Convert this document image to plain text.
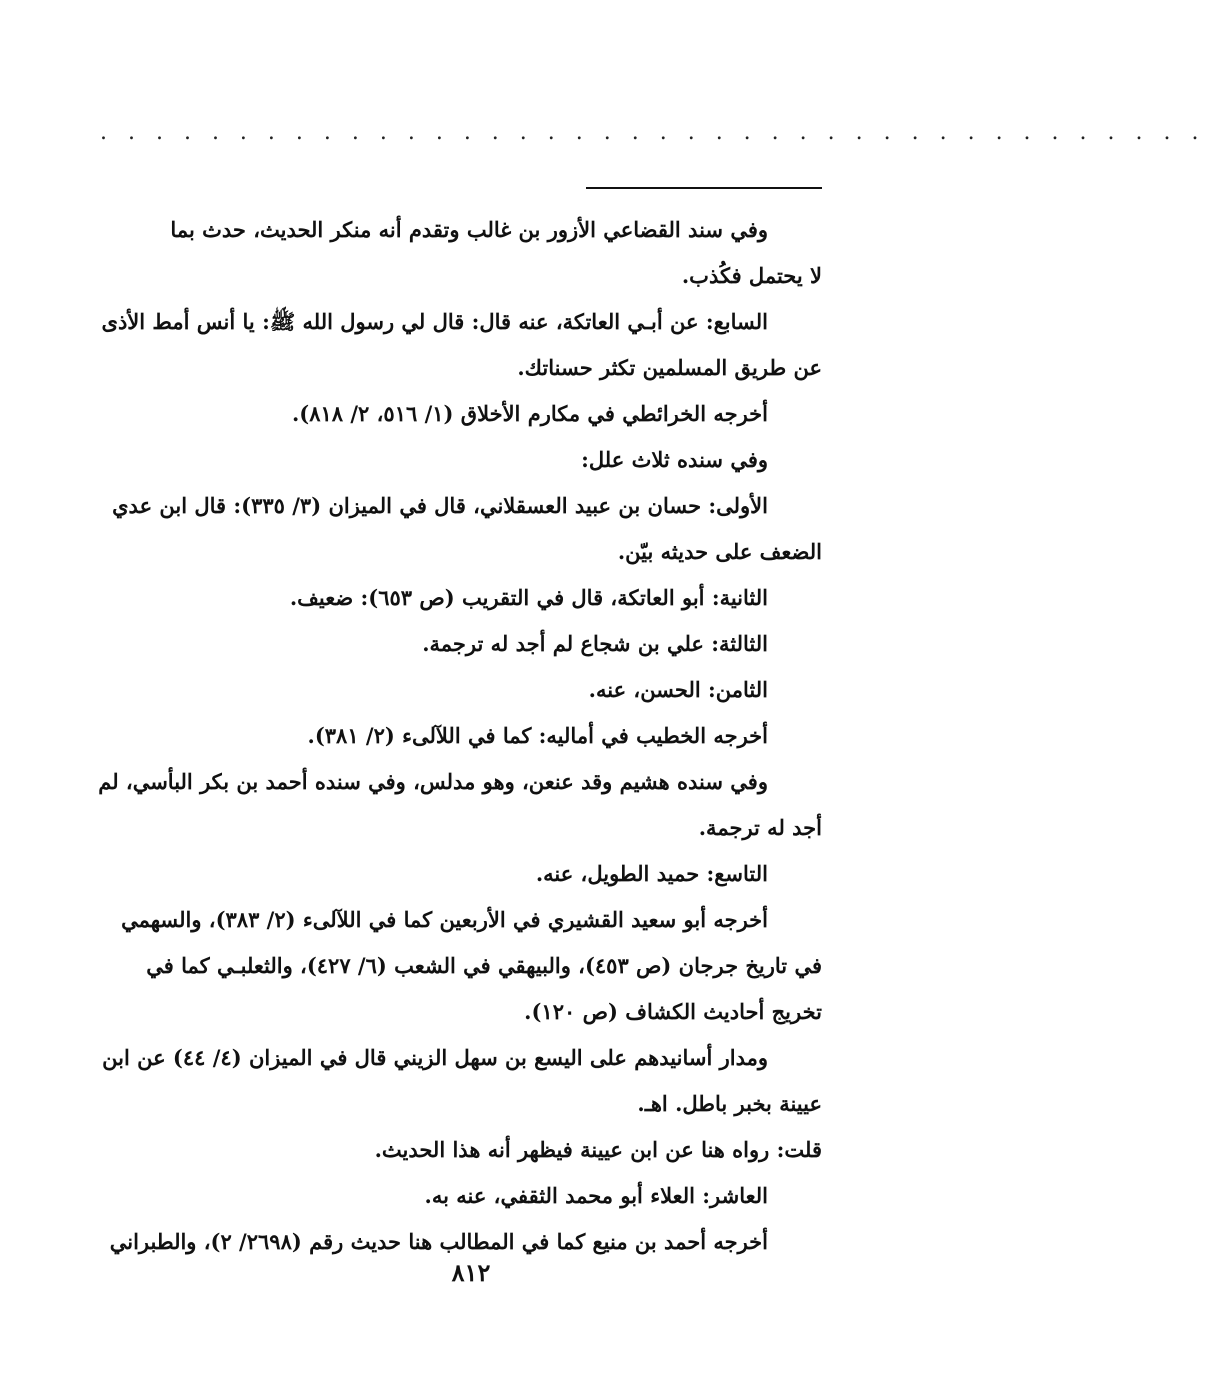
. . . . . . . . . . . . . . . . . . . . . . . . . . . . . . . . . . . . . . . .
وفي سند القضاعي الأزور بن غالب وتقدم أنه منكر الحديث، حدث بما
لا يحتمل فكُذب.
السابع: عن أبـي العاتكة، عنه قال: قال لي رسول الله ﷺ: يا أنس أمط الأذى
عن طريق المسلمين تكثر حسناتك.
أخرجه الخرائطي في مكارم الأخلاق (١/ ٥١٦، ٢/ ٨١٨).
وفي سنده ثلاث علل:
الأولى: حسان بن عبيد العسقلاني، قال في الميزان (٣/ ٣٣٥): قال ابن عدي
الضعف على حديثه بيّن.
الثانية: أبو العاتكة، قال في التقريب (ص ٦٥٣): ضعيف.
الثالثة: علي بن شجاع لم أجد له ترجمة.
الثامن: الحسن، عنه.
أخرجه الخطيب في أماليه: كما في اللآلىء (٢/ ٣٨١).
وفي سنده هشيم وقد عنعن، وهو مدلس، وفي سنده أحمد بن بكر البأسي، لم
أجد له ترجمة.
التاسع: حميد الطويل، عنه.
أخرجه أبو سعيد القشيري في الأربعين كما في اللآلىء (٢/ ٣٨٣)، والسهمي
في تاريخ جرجان (ص ٤٥٣)، والبيهقي في الشعب (٦/ ٤٢٧)، والثعلبـي كما في
تخريج أحاديث الكشاف (ص ١٢٠).
ومدار أسانيدهم على اليسع بن سهل الزيني قال في الميزان (٤/ ٤٤) عن ابن
عيينة بخبر باطل. اهـ.
قلت: رواه هنا عن ابن عيينة فيظهر أنه هذا الحديث.
العاشر: العلاء أبو محمد الثقفي، عنه به.
أخرجه أحمد بن منيع كما في المطالب هنا حديث رقم (٢٦٩٨/ ٢)، والطبراني
٨١٢
